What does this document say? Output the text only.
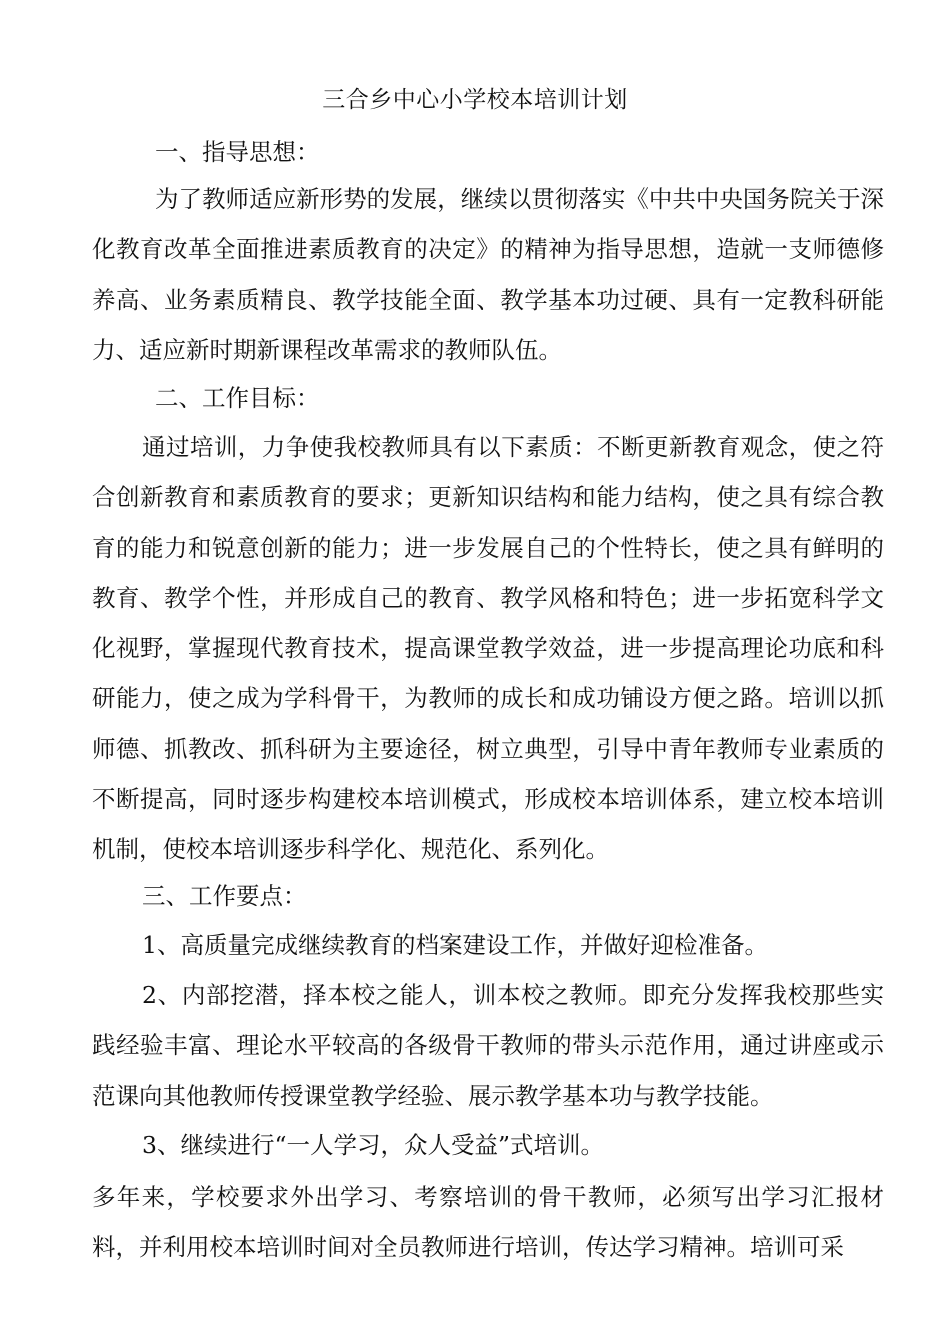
三合乡中心小学校本培训计划
一、指导思想：
为了教师适应新形势的发展，继续以贯彻落实《中共中央国务院关于深化教育改革全面推进素质教育的决定》的精神为指导思想，造就一支师德修养高、业务素质精良、教学技能全面、教学基本功过硬、具有一定教科研能力、适应新时期新课程改革需求的教师队伍。
二、工作目标：
通过培训，力争使我校教师具有以下素质：不断更新教育观念，使之符合创新教育和素质教育的要求；更新知识结构和能力结构，使之具有综合教育的能力和锐意创新的能力；进一步发展自己的个性特长，使之具有鲜明的教育、教学个性，并形成自己的教育、教学风格和特色；进一步拓宽科学文化视野，掌握现代教育技术，提高课堂教学效益，进一步提高理论功底和科研能力，使之成为学科骨干，为教师的成长和成功铺设方便之路。培训以抓师德、抓教改、抓科研为主要途径，树立典型，引导中青年教师专业素质的不断提高，同时逐步构建校本培训模式，形成校本培训体系，建立校本培训机制，使校本培训逐步科学化、规范化、系列化。
三、工作要点：
1、高质量完成继续教育的档案建设工作，并做好迎检准备。
2、内部挖潜，择本校之能人，训本校之教师。即充分发挥我校那些实践经验丰富、理论水平较高的各级骨干教师的带头示范作用，通过讲座或示范课向其他教师传授课堂教学经验、展示教学基本功与教学技能。
3、继续进行“一人学习，众人受益”式培训。
多年来，学校要求外出学习、考察培训的骨干教师，必须写出学习汇报材料，并利用校本培训时间对全员教师进行培训，传达学习精神。培训可采
